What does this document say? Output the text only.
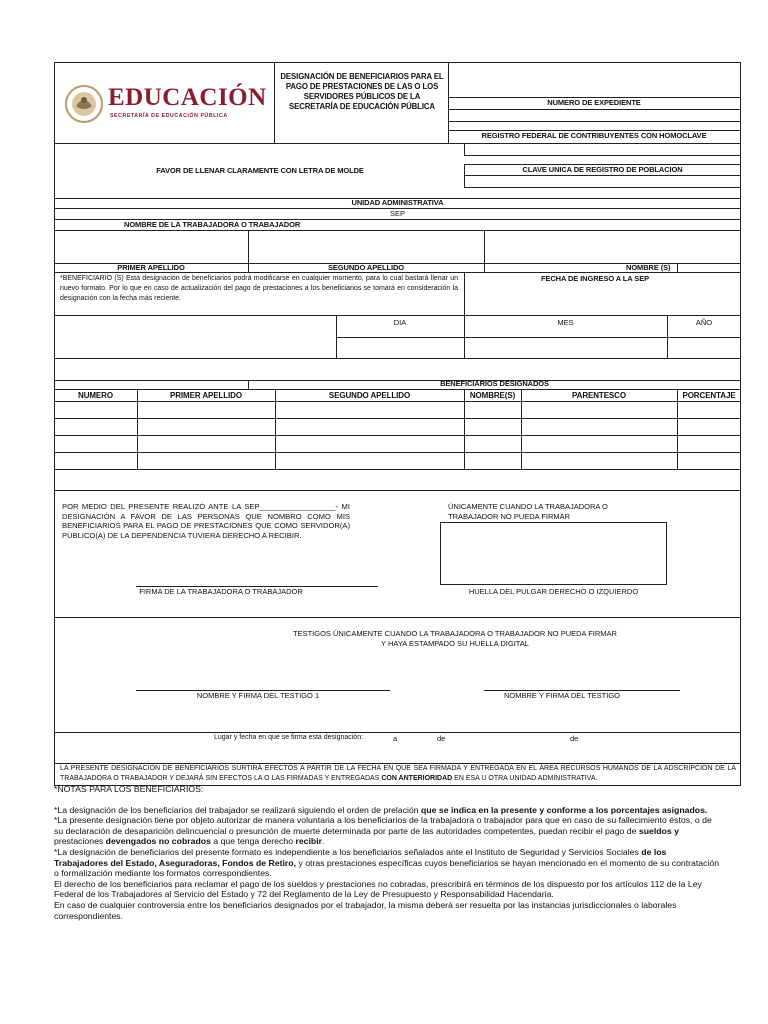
EDUCACIÓN
SECRETARÍA DE EDUCACIÓN PÚBLICA
DESIGNACIÓN DE BENEFICIARIOS PARA EL PAGO DE PRESTACIONES DE LAS O LOS SERVIDORES PÚBLICOS DE LA SECRETARÍA DE EDUCACIÓN PÚBLICA	NUMERO DE EXPEDIENTE
REGISTRO FEDERAL DE CONTRIBUYENTES CON HOMOCLAVE
FAVOR DE LLENAR CLARAMENTE CON LETRA DE MOLDE	CLAVE UNICA DE REGISTRO DE POBLACION
UNIDAD ADMINISTRATIVA
SEP
NOMBRE DE LA TRABAJADORA O TRABAJADOR
PRIMER APELLIDO	SEGUNDO APELLIDO	NOMBRE (S)
*BENEFICIARIO (S) Esta designación de beneficiarios podrá modificarse en cualquier momento, para lo cual bastará llenar un nuevo formato. Por lo que en caso de actualización del pago de prestaciones a los beneficiarios se tomará en consideración la designación con la fecha más reciente.
FECHA DE INGRESO A LA SEP
DIA	MES	AÑO
BENEFICIARIOS DESIGNADOS
NUMERO	PRIMER APELLIDO	SEGUNDO APELLIDO	NOMBRE(S)	PARENTESCO	PORCENTAJE
POR MEDIO DEL PRESENTE REALIZÓ ANTE LA SEP__________________- MI DESIGNACIÓN A FAVOR DE LAS PERSONAS QUE NOMBRO COMO MIS BENEFICIARIOS PARA EL PAGO DE PRESTACIONES QUE COMO SERVIDOR(A) PÚBLICO(A) DE LA DEPENDENCIA TUVIERA DERECHO A RECIBIR.
ÚNICAMENTE CUANDO LA TRABAJADORA O TRABAJADOR NO PUEDA FIRMAR
FIRMA DE LA TRABAJADORA O TRABAJADOR	HUELLA DEL PULGAR DERECHO O IZQUIERDO
TESTIGOS ÚNICAMENTE CUANDO LA TRABAJADORA O TRABAJADOR NO PUEDA FIRMAR Y HAYA ESTAMPADO SU HUELLA DIGITAL
NOMBRE Y FIRMA DEL TESTIGO 1	NOMBRE Y FIRMA DEL TESTIGO
Lugar y fecha en que se firma esta designación:	a	de	de
LA PRESENTE DESIGNACIÓN DE BENEFICIARIOS SURTIRÁ EFECTOS A PARTIR DE LA FECHA EN QUE SEA FIRMADA Y ENTREGADA EN EL ÁREA RECURSOS HUMANOS DE LA ADSCRIPCIÓN DE LA TRABAJADORA O TRABAJADOR Y DEJARÁ SIN EFECTOS LA O LAS FIRMADAS Y ENTREGADAS CON ANTERIORIDAD EN ESA U OTRA UNIDAD ADMINISTRATIVA.

*NOTAS PARA LOS BENEFICIARIOS:

*La designación de los beneficiarios del trabajador se realizará siguiendo el orden de prelación que se indica en la presente y conforme a los porcentajes asignados.

*La presente designación tiene por objeto autorizar de manera voluntaria a los beneficiarios de la trabajadora o trabajador para que en caso de su fallecimiento éstos, o de su declaración de desaparición delincuencial o presunción de muerte determinada por parte de las autoridades competentes, puedan recibir el pago de sueldos y prestaciones devengados no cobrados a que tenga derecho recibir.

*La designación de beneficiarios del presente formato es independiente a los beneficiarios señalados ante el Instituto de Seguridad y Servicios Sociales de los Trabajadores del Estado, Aseguradoras, Fondos de Retiro, y otras prestaciones específicas cuyos beneficiarios se hayan mencionado en el momento de su contratación o formalización mediante los formatos correspondientes.

El derecho de los beneficiarios para reclamar el pago de los sueldos y prestaciones no cobradas, prescribirá en términos de los dispuesto por los artículos 112 de la Ley Federal de los Trabajadores al Servicio del Estado y 72 del Reglamento de la Ley de Presupuesto y Responsabilidad Hacendaria.

En caso de cualquier controversia entre los beneficiarios designados por el trabajador, la misma deberá ser resuelta por las instancias jurisdiccionales o laborales correspondientes.
